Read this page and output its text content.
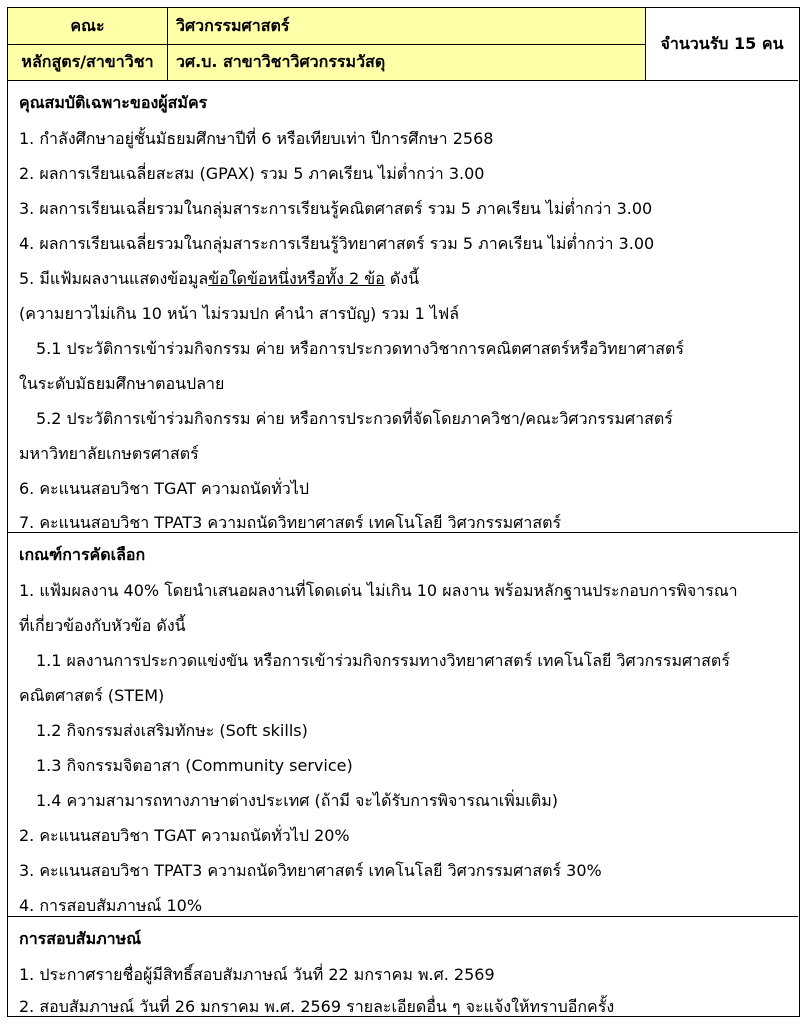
คณะ	วิศวกรรมศาสตร์
หลักสูตร/สาขาวิชา	วศ.บ. สาขาวิชาวิศวกรรมวัสดุ
จำนวนรับ 15 คน
คุณสมบัติเฉพาะของผู้สมัคร
1. กำลังศึกษาอยู่ชั้นมัธยมศึกษาปีที่ 6 หรือเทียบเท่า ปีการศึกษา 2568
2. ผลการเรียนเฉลี่ยสะสม (GPAX) รวม 5 ภาคเรียน ไม่ต่ำกว่า 3.00
3. ผลการเรียนเฉลี่ยรวมในกลุ่มสาระการเรียนรู้คณิตศาสตร์ รวม 5 ภาคเรียน ไม่ต่ำกว่า 3.00
4. ผลการเรียนเฉลี่ยรวมในกลุ่มสาระการเรียนรู้วิทยาศาสตร์ รวม 5 ภาคเรียน ไม่ต่ำกว่า 3.00
5. มีแฟ้มผลงานแสดงข้อมูลข้อใดข้อหนึ่งหรือทั้ง 2 ข้อ ดังนี้
(ความยาวไม่เกิน 10 หน้า ไม่รวมปก คำนำ สารบัญ) รวม 1 ไฟล์
5.1 ประวัติการเข้าร่วมกิจกรรม ค่าย หรือการประกวดทางวิชาการคณิตศาสตร์หรือวิทยาศาสตร์
ในระดับมัธยมศึกษาตอนปลาย
5.2 ประวัติการเข้าร่วมกิจกรรม ค่าย หรือการประกวดที่จัดโดยภาควิชา/คณะวิศวกรรมศาสตร์
มหาวิทยาลัยเกษตรศาสตร์
6. คะแนนสอบวิชา TGAT ความถนัดทั่วไป
7. คะแนนสอบวิชา TPAT3 ความถนัดวิทยาศาสตร์ เทคโนโลยี วิศวกรรมศาสตร์
เกณฑ์การคัดเลือก
1. แฟ้มผลงาน 40% โดยนำเสนอผลงานที่โดดเด่น ไม่เกิน 10 ผลงาน พร้อมหลักฐานประกอบการพิจารณา
ที่เกี่ยวข้องกับหัวข้อ ดังนี้
1.1 ผลงานการประกวดแข่งขัน หรือการเข้าร่วมกิจกรรมทางวิทยาศาสตร์ เทคโนโลยี วิศวกรรมศาสตร์
คณิตศาสตร์ (STEM)
1.2 กิจกรรมส่งเสริมทักษะ (Soft skills)
1.3 กิจกรรมจิตอาสา (Community service)
1.4 ความสามารถทางภาษาต่างประเทศ (ถ้ามี จะได้รับการพิจารณาเพิ่มเติม)
2. คะแนนสอบวิชา TGAT ความถนัดทั่วไป 20%
3. คะแนนสอบวิชา TPAT3 ความถนัดวิทยาศาสตร์ เทคโนโลยี วิศวกรรมศาสตร์ 30%
4. การสอบสัมภาษณ์ 10%
การสอบสัมภาษณ์
1. ประกาศรายชื่อผู้มีสิทธิ์สอบสัมภาษณ์ วันที่ 22 มกราคม พ.ศ. 2569
2. สอบสัมภาษณ์ วันที่ 26 มกราคม พ.ศ. 2569 รายละเอียดอื่น ๆ จะแจ้งให้ทราบอีกครั้ง
